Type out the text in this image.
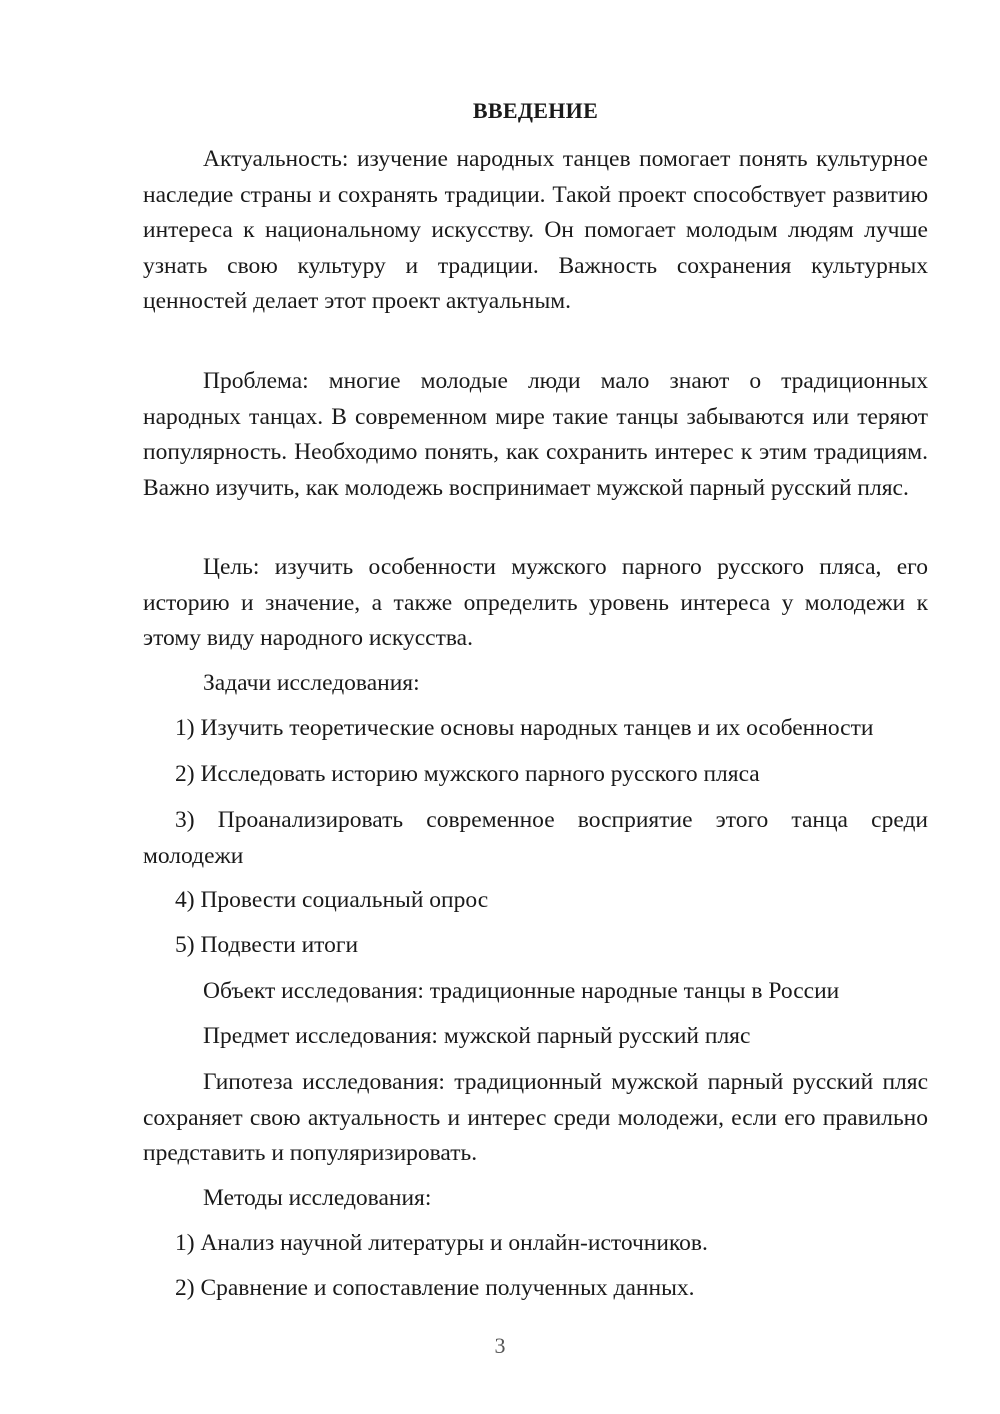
ВВЕДЕНИЕ

Актуальность: изучение народных танцев помогает понять культурное наследие страны и сохранять традиции. Такой проект способствует развитию интереса к национальному искусству. Он помогает молодым людям лучше узнать свою культуру и традиции. Важность сохранения культурных ценностей делает этот проект актуальным.

Проблема: многие молодые люди мало знают о традиционных народных танцах. В современном мире такие танцы забываются или теряют популярность. Необходимо понять, как сохранить интерес к этим традициям. Важно изучить, как молодежь воспринимает мужской парный русский пляс.

Цель: изучить особенности мужского парного русского пляса, его историю и значение, а также определить уровень интереса у молодежи к этому виду народного искусства.

Задачи исследования:

1) Изучить теоретические основы народных танцев и их особенности

2) Исследовать историю мужского парного русского пляса

3) Проанализировать современное восприятие этого танца среди молодежи

4) Провести социальный опрос

5) Подвести итоги

Объект исследования: традиционные народные танцы в России

Предмет исследования: мужской парный русский пляс

Гипотеза исследования: традиционный мужской парный русский пляс сохраняет свою актуальность и интерес среди молодежи, если его правильно представить и популяризировать.

Методы исследования:

1) Анализ научной литературы и онлайн-источников.

2) Сравнение и сопоставление полученных данных.

3
